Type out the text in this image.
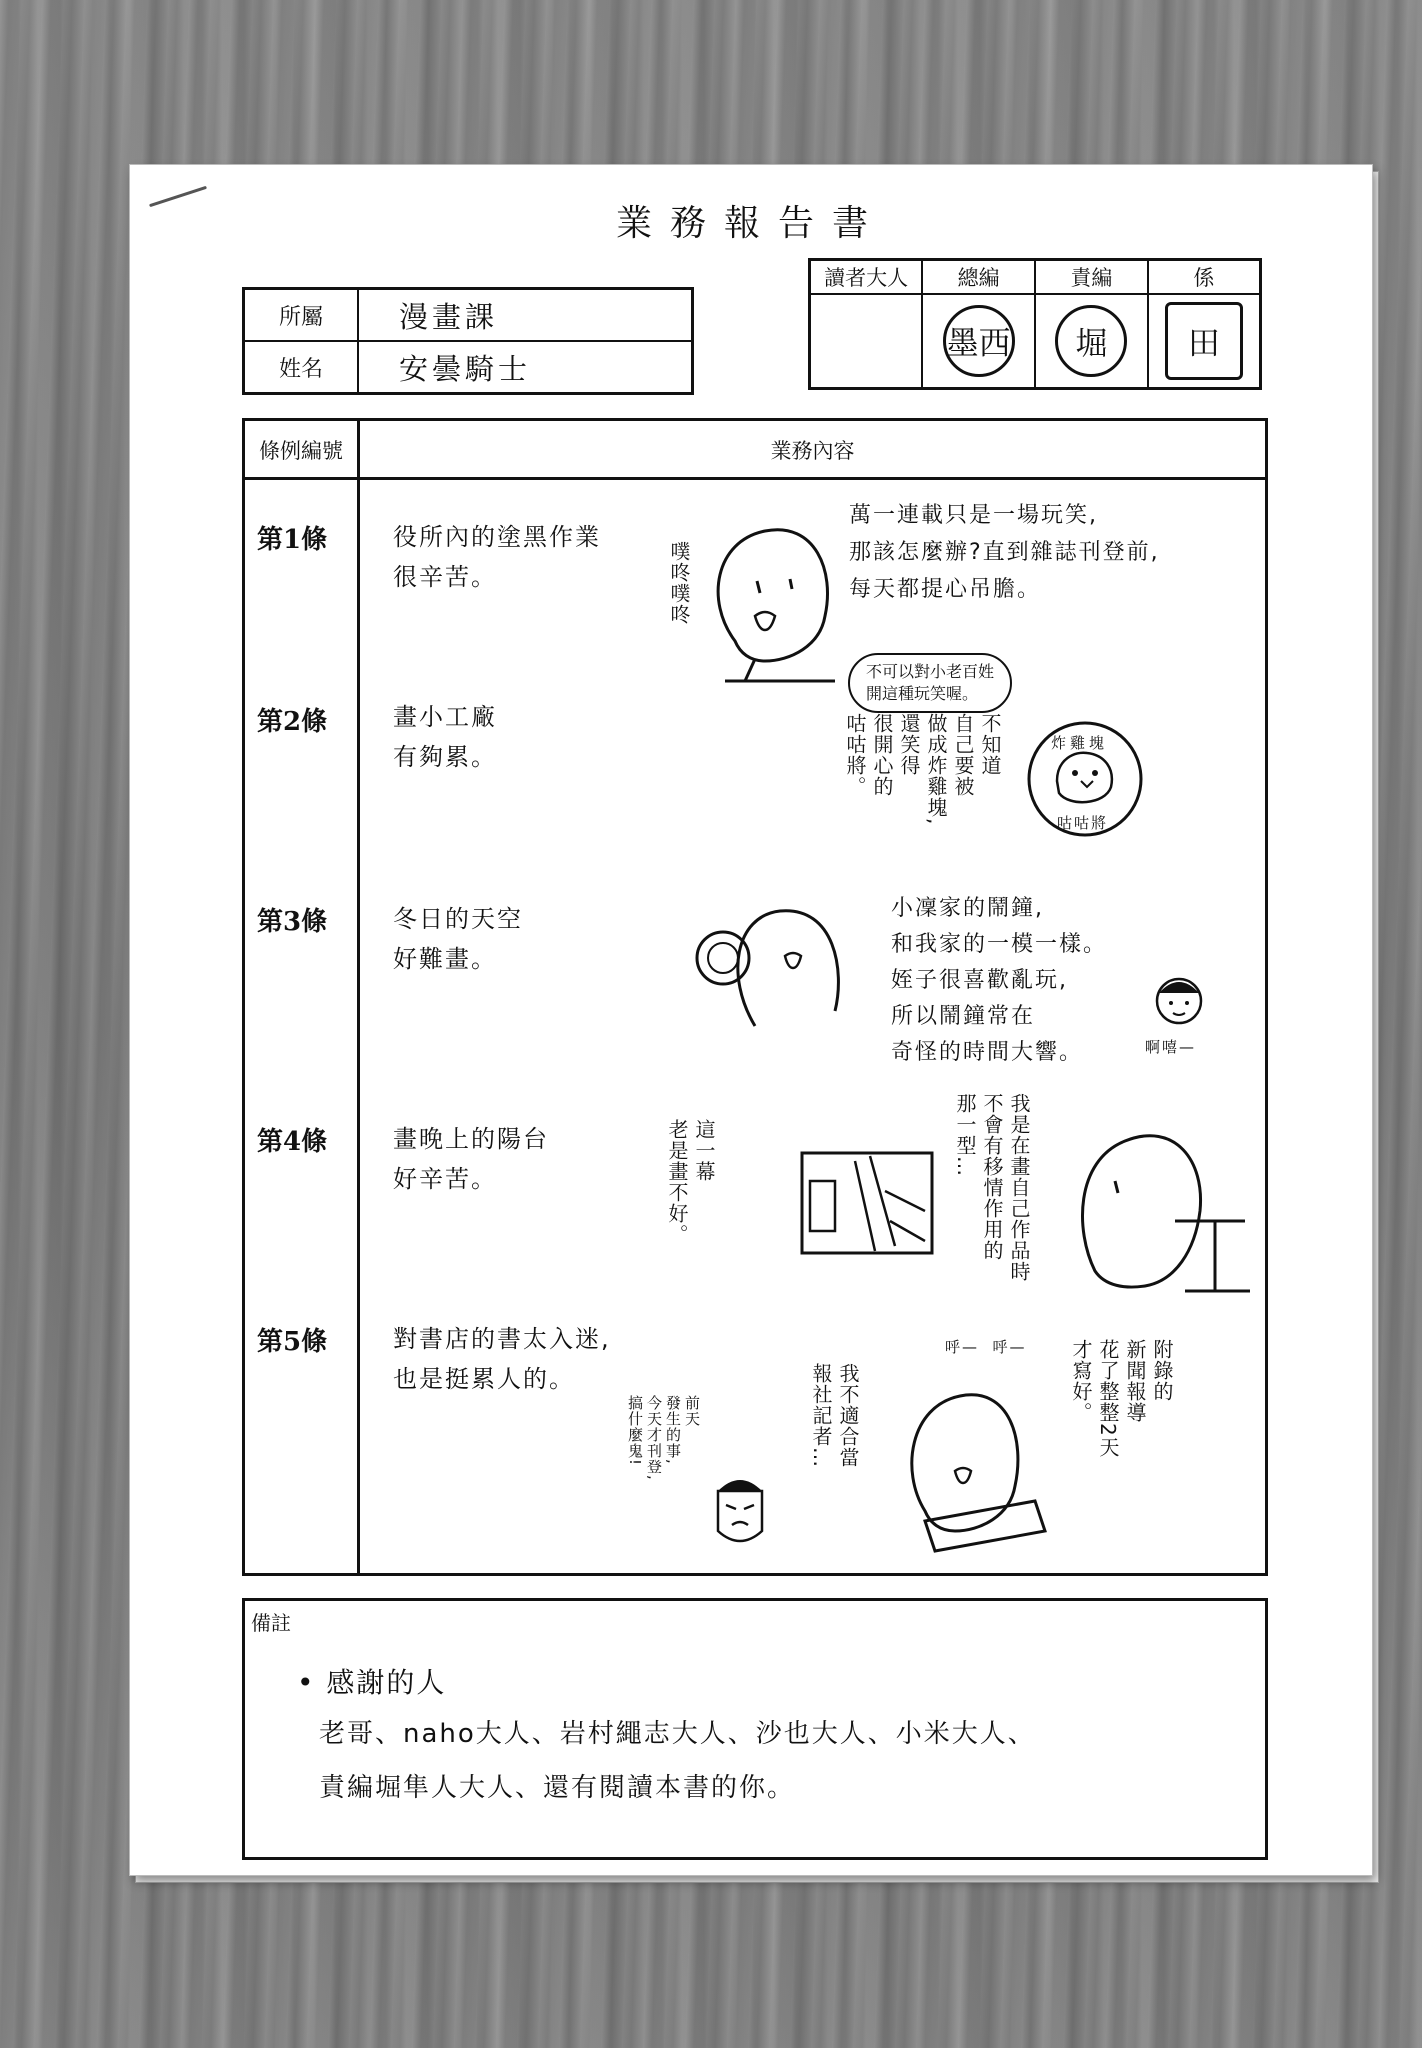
業務報告書
所屬	漫畫課
姓名	安曇騎士
讀者大人	總編	責編	係
	墨西	堀	田
條例編號	業務內容
第1條	役所內的塗黑作業
很辛苦。
萬一連載只是一場玩笑,
那該怎麼辦?直到雜誌刊登前,
每天都提心吊膽。
不可以對小老百姓
開這種玩笑喔。
噗咚噗咚
第2條	畫小工廠
有夠累。	不知道
自己要被
做成炸雞塊,
還笑得
很開心的
咕咕將。	炸雞塊
咕咕將
第3條	冬日的天空
好難畫。
小凜家的鬧鐘,
和我家的一模一樣。
姪子很喜歡亂玩,
所以鬧鐘常在
奇怪的時間大響。	啊嘻—
第4條	畫晚上的陽台
好辛苦。	這一幕
老是畫不好。	我是在畫自己作品時
不會有移情作用的
那一型…
第5條	對書店的書太入迷,
也是挺累人的。	附錄的
新聞報導
花了整整2天
才寫好。
我不適合當
報社記者…
前天
發生的事,
今天才刊登,
搞什麼鬼!
呼—  呼—
備註
• 感謝的人
老哥、naho大人、岩村繩志大人、沙也大人、小米大人、
責編堀隼人大人、還有閱讀本書的你。
